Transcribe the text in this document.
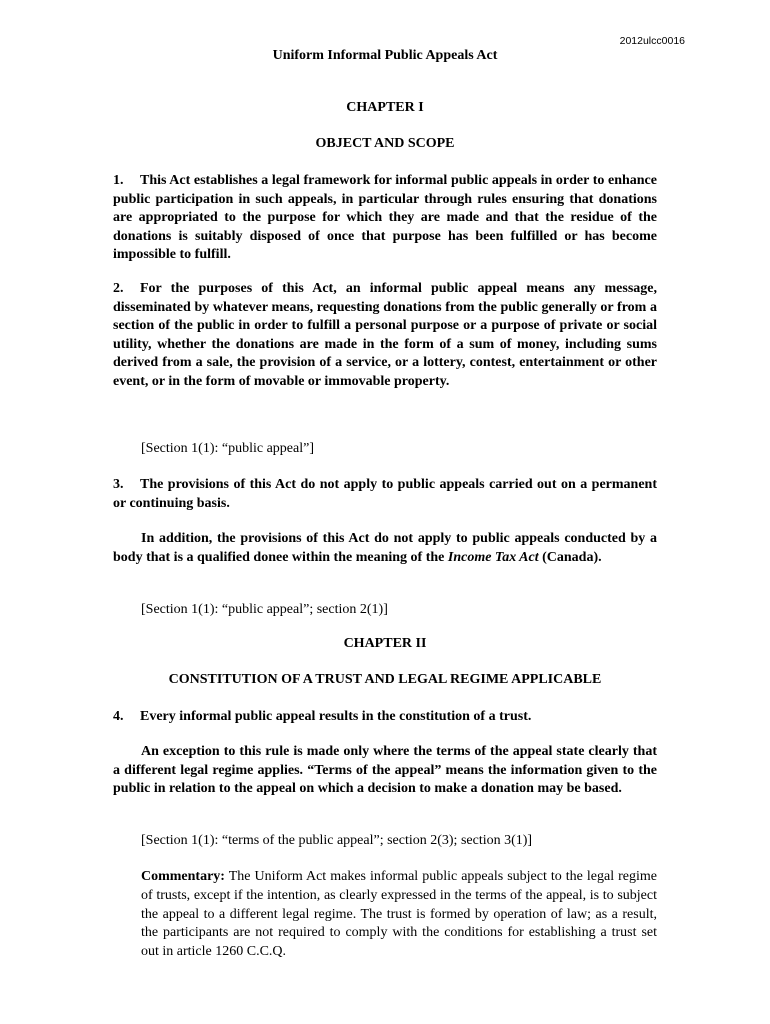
2012ulcc0016
Uniform Informal Public Appeals Act
CHAPTER I
OBJECT AND SCOPE
1. This Act establishes a legal framework for informal public appeals in order to enhance public participation in such appeals, in particular through rules ensuring that donations are appropriated to the purpose for which they are made and that the residue of the donations is suitably disposed of once that purpose has been fulfilled or has become impossible to fulfill.
2. For the purposes of this Act, an informal public appeal means any message, disseminated by whatever means, requesting donations from the public generally or from a section of the public in order to fulfill a personal purpose or a purpose of private or social utility, whether the donations are made in the form of a sum of money, including sums derived from a sale, the provision of a service, or a lottery, contest, entertainment or other event, or in the form of movable or immovable property.
[Section 1(1): “public appeal”]
3. The provisions of this Act do not apply to public appeals carried out on a permanent or continuing basis.
In addition, the provisions of this Act do not apply to public appeals conducted by a body that is a qualified donee within the meaning of the Income Tax Act (Canada).
[Section 1(1): “public appeal”; section 2(1)]
CHAPTER II
CONSTITUTION OF A TRUST AND LEGAL REGIME APPLICABLE
4. Every informal public appeal results in the constitution of a trust.
An exception to this rule is made only where the terms of the appeal state clearly that a different legal regime applies. “Terms of the appeal” means the information given to the public in relation to the appeal on which a decision to make a donation may be based.
[Section 1(1): “terms of the public appeal”; section 2(3); section 3(1)]
Commentary: The Uniform Act makes informal public appeals subject to the legal regime of trusts, except if the intention, as clearly expressed in the terms of the appeal, is to subject the appeal to a different legal regime. The trust is formed by operation of law; as a result, the participants are not required to comply with the conditions for establishing a trust set out in article 1260 C.C.Q.
